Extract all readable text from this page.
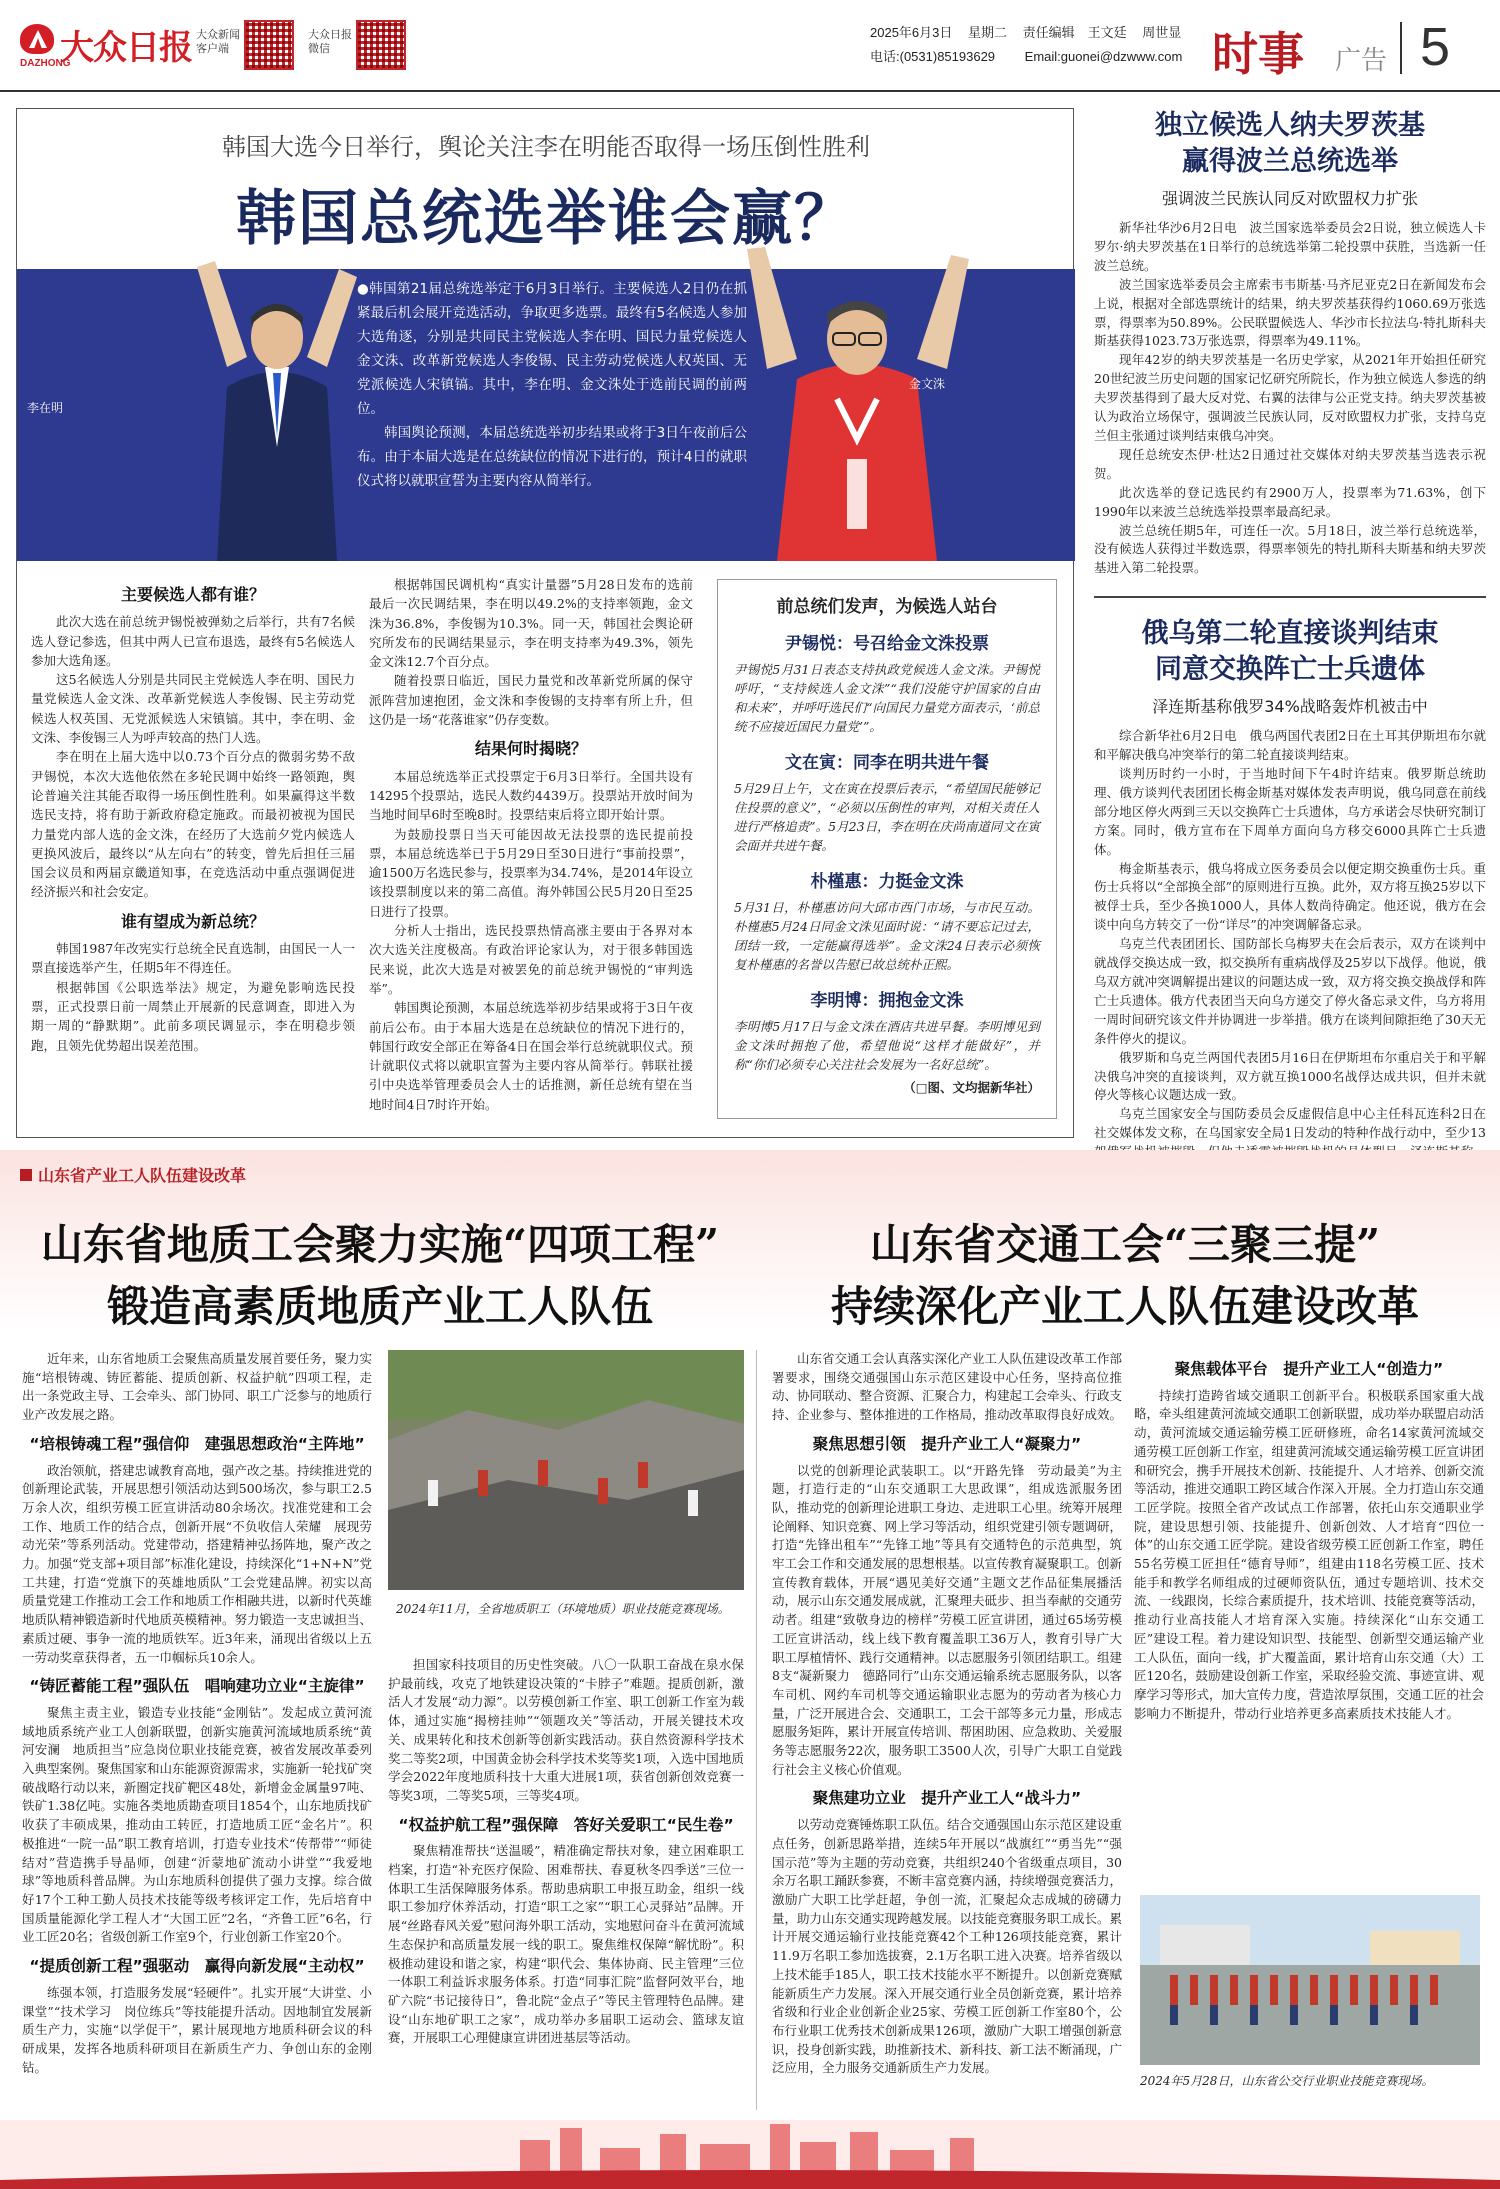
大众日报
DAZHONG
大众新闻客户端
大众日报微信
2025年6月3日 星期二 责任编辑　王文廷 周世显
电话:(0531)85193629 Email:guonei@dzwww.com 时事 广告 5
韩国大选今日举行，舆论关注李在明能否取得一场压倒性胜利
韩国总统选举谁会赢？
李在明
金文洙
●韩国第21届总统选举定于6月3日举行。主要候选人2日仍在抓紧最后机会展开竞选活动，争取更多选票。最终有5名候选人参加大选角逐，分别是共同民主党候选人李在明、国民力量党候选人金文洙、改革新党候选人李俊锡、民主劳动党候选人权英国、无党派候选人宋镇镐。其中，李在明、金文洙处于选前民调的前两位。
韩国舆论预测，本届总统选举初步结果或将于3日午夜前后公布。由于本届大选是在总统缺位的情况下进行的，预计4日的就职仪式将以就职宣誓为主要内容从简举行。
主要候选人都有谁？

此次大选在前总统尹锡悦被弹劾之后举行，共有7名候选人登记参选，但其中两人已宣布退选，最终有5名候选人参加大选角逐。

这5名候选人分别是共同民主党候选人李在明、国民力量党候选人金文洙、改革新党候选人李俊锡、民主劳动党候选人权英国、无党派候选人宋镇镐。其中，李在明、金文洙、李俊锡三人为呼声较高的热门人选。

李在明在上届大选中以0.73个百分点的微弱劣势不敌尹锡悦，本次大选他依然在多轮民调中始终一路领跑，舆论普遍关注其能否取得一场压倒性胜利。如果赢得这半数选民支持，将有助于新政府稳定施政。而最初被视为国民力量党内部人选的金文洙，在经历了大选前夕党内候选人更换风波后，最终以“从左向右”的转变，曾先后担任三届国会议员和两届京畿道知事，在竞选活动中重点强调促进经济振兴和社会安定。

谁有望成为新总统？

韩国1987年改宪实行总统全民直选制，由国民一人一票直接选举产生，任期5年不得连任。

根据韩国《公职选举法》规定，为避免影响选民投票，正式投票日前一周禁止开展新的民意调查，即进入为期一周的“静默期”。此前多项民调显示，李在明稳步领跑，且领先优势超出误差范围。

根据韩国民调机构“真实计量器”5月28日发布的选前最后一次民调结果，李在明以49.2%的支持率领跑，金文洙为36.8%，李俊锡为10.3%。同一天，韩国社会舆论研究所发布的民调结果显示，李在明支持率为49.3%，领先金文洙12.7个百分点。

随着投票日临近，国民力量党和改革新党所属的保守派阵营加速抱团，金文洙和李俊锡的支持率有所上升，但这仍是一场“花落谁家”仍存变数。

结果何时揭晓？

本届总统选举正式投票定于6月3日举行。全国共设有14295个投票站，选民人数约4439万。投票站开放时间为当地时间早6时至晚8时。投票结束后将立即开始计票。

为鼓励投票日当天可能因故无法投票的选民提前投票，本届总统选举已于5月29日至30日进行“事前投票”，逾1500万名选民参与，投票率为34.74%，是2014年设立该投票制度以来的第二高值。海外韩国公民5月20日至25日进行了投票。

分析人士指出，选民投票热情高涨主要由于各界对本次大选关注度极高。有政治评论家认为，对于很多韩国选民来说，此次大选是对被罢免的前总统尹锡悦的“审判选举”。

韩国舆论预测，本届总统选举初步结果或将于3日午夜前后公布。由于本届大选是在总统缺位的情况下进行的，韩国行政安全部正在筹备4日在国会举行总统就职仪式。预计就职仪式将以就职宣誓为主要内容从简举行。韩联社援引中央选举管理委员会人士的话推测，新任总统有望在当地时间4日7时许开始。

前总统们发声，为候选人站台
尹锡悦：号召给金文洙投票
尹锡悦5月31日表态支持执政党候选人金文洙。尹锡悦呼吁，“支持候选人金文洙”“我们没能守护国家的自由和未来”，并呼吁选民们“向国民力量党方面表示，‘前总统不应接近国民力量党’”。
文在寅：同李在明共进午餐
5月29日上午，文在寅在投票后表示，“希望国民能够记住投票的意义”，“必须以压倒性的审判，对相关责任人进行严格追责”。5月23日，李在明在庆尚南道同文在寅会面并共进午餐。
朴槿惠：力挺金文洙
5月31日，朴槿惠访问大邱市西门市场，与市民互动。朴槿惠5月24日同金文洙见面时说：“请不要忘记过去，团结一致，一定能赢得选举”。金文洙24日表示必须恢复朴槿惠的名誉以告慰已故总统朴正熙。
李明博：拥抱金文洙
李明博5月17日与金文洙在酒店共进早餐。李明博见到金文洙时拥抱了他，希望他说“这样才能做好”，并称“你们必须专心关注社会发展为一名好总统”。
（□图、文均据新华社）
独立候选人纳夫罗茨基
赢得波兰总统选举
强调波兰民族认同反对欧盟权力扩张

新华社华沙6月2日电　波兰国家选举委员会2日说，独立候选人卡罗尔·纳夫罗茨基在1日举行的总统选举第二轮投票中获胜，当选新一任波兰总统。

波兰国家选举委员会主席索韦韦斯基·马齐尼亚克2日在新闻发布会上说，根据对全部选票统计的结果，纳夫罗茨基获得约1060.69万张选票，得票率为50.89%。公民联盟候选人、华沙市长拉法乌·特扎斯科夫斯基获得1023.73万张选票，得票率为49.11%。

现年42岁的纳夫罗茨基是一名历史学家，从2021年开始担任研究20世纪波兰历史问题的国家记忆研究所院长，作为独立候选人参选的纳夫罗茨基得到了最大反对党、右翼的法律与公正党支持。纳夫罗茨基被认为政治立场保守，强调波兰民族认同，反对欧盟权力扩张，支持乌克兰但主张通过谈判结束俄乌冲突。

现任总统安杰伊·杜达2日通过社交媒体对纳夫罗茨基当选表示祝贺。

此次选举的登记选民约有2900万人，投票率为71.63%，创下1990年以来波兰总统选举投票率最高纪录。

波兰总统任期5年，可连任一次。5月18日，波兰举行总统选举，没有候选人获得过半数选票，得票率领先的特扎斯科夫斯基和纳夫罗茨基进入第二轮投票。

俄乌第二轮直接谈判结束
同意交换阵亡士兵遗体
泽连斯基称俄罗34%战略轰炸机被击中

综合新华社6月2日电　俄乌两国代表团2日在土耳其伊斯坦布尔就和平解决俄乌冲突举行的第二轮直接谈判结束。

谈判历时约一小时，于当地时间下午4时许结束。俄罗斯总统助理、俄方谈判代表团团长梅金斯基对媒体发表声明说，俄乌同意在前线部分地区停火两到三天以交换阵亡士兵遗体，乌方承诺会尽快研究制订方案。同时，俄方宣布在下周单方面向乌方移交6000具阵亡士兵遗体。

梅金斯基表示，俄乌将成立医务委员会以便定期交换重伤士兵。重伤士兵将以“全部换全部”的原则进行互换。此外，双方将互换25岁以下被俘士兵，至少各换1000人，具体人数尚待确定。他还说，俄方在会谈中向乌方转交了一份“详尽”的冲突调解备忘录。

乌克兰代表团团长、国防部长乌梅罗夫在会后表示，双方在谈判中就战俘交换达成一致，拟交换所有重病战俘及25岁以下战俘。他说，俄乌双方就冲突调解提出建议的问题达成一致，双方将交换交换战俘和阵亡士兵遗体。俄方代表团当天向乌方递交了停火备忘录文件，乌方将用一周时间研究该文件并协调进一步举措。俄方在谈判间隙拒绝了30天无条件停火的提议。

俄罗斯和乌克兰两国代表团5月16日在伊斯坦布尔重启关于和平解决俄乌冲突的直接谈判，双方就互换1000名战俘达成共识，但并未就停火等核心议题达成一致。

乌克兰国家安全与国防委员会反虚假信息中心主任科瓦连科2日在社交媒体发文称，在乌国家安全局1日发动的特种作战行动中，至少13

山东省产业工人队伍建设改革
山东省地质工会聚力实施“四项工程”
锻造高素质地质产业工人队伍
山东省交通工会“三聚三提”
持续深化产业工人队伍建设改革

近年来，山东省地质工会聚焦高质量发展首要任务，聚力实施“培根铸魂、铸匠蓄能、提质创新、权益护航”四项工程，走出一条党政主导、工会牵头、部门协同、职工广泛参与的地质行业产改发展之路。

“培根铸魂工程”强信仰　建强思想政治“主阵地”

政治领航，搭建忠诚教育高地，强产改之基。持续推进党的创新理论武装，开展思想引领活动达到500场次，参与职工2.5万余人次，组织劳模工匠宣讲活动80余场次。找准党建和工会工作、地质工作的结合点，创新开展“不负收信人荣耀　展现劳动光荣”等系列活动。党建带动，搭建精神弘扬阵地，聚产改之力。加强“党支部+项目部”标准化建设，持续深化“1+N+N”党工共建，打造“党旗下的英雄地质队”工会党建品牌。初实以高质量党建工作推动工会工作和地质工作相融共进，以新时代英雄地质队精神锻造新时代地质英模精神。努力锻造一支忠诚担当、素质过硬、事争一流的地质铁军。近3年来，涌现出省级以上五一劳动奖章获得者，五一巾帼标兵10余人。

“铸匠蓄能工程”强队伍　唱响建功立业“主旋律”

聚焦主责主业，锻造专业技能“金刚钻”。发起成立黄河流域地质系统产业工人创新联盟，创新实施黄河流域地质系统“黄河安澜　地质担当”应急岗位职业技能竞赛，被省发展改革委列入典型案例。聚焦国家和山东能源资源需求，实施新一轮找矿突破战略行动以来，新圈定找矿靶区48处，新增金金属量97吨、铁矿1.38亿吨。实施各类地质勘查项目1854个，山东地质找矿收获了丰硕成果，推动由工转匠，打造地质工匠“金名片”。积极推进“一院一品”职工教育培训，打造专业技术“传帮带”“师徒结对”营造携手导晶师，创建“沂蒙地矿流动小讲堂”“我爱地球”等地质科普品牌。为山东地质科创提供了强力支撑。综合做好17个工种工勤人员技术技能等级考核评定工作，先后培育中国质量能源化学工程人才“大国工匠”2名，“齐鲁工匠”6名，行业工匠20名；省级创新工作室9个，行业创新工作室20个。

“提质创新工程”强驱动　赢得向新发展“主动权”

练强本领，打造服务发展“轻硬件”。扎实开展“大讲堂、小课堂”“技术学习　岗位练兵”等技能提升活动。因地制宜发展新质生产力，实施“以学促干”，累计展现地方地质科研会议的科研成果，发挥各地质科研项目在新质生产力、争创山东的金刚钻。

2024年11月，全省地质职工（环境地质）职业技能竞赛现场。

担国家科技项目的历史性突破。八〇一队职工奋战在泉水保护最前线，攻克了地铁建设决策的“卡脖子”难题。提质创新，激活人才发展“动力源”。以劳模创新工作室、职工创新工作室为载体，通过实施“揭榜挂帅”“领题攻关”等活动，开展关键技术攻关、成果转化和技术创新等创新实践活动。获自然资源科学技术奖二等奖2项，中国黄金协会科学技术奖等奖1项，入选中国地质学会2022年度地质科技十大重大进展1项，获省创新创效竞赛一等奖3项，二等奖5项，三等奖4项。

“权益护航工程”强保障　答好关爱职工“民生卷”

聚焦精准帮扶“送温暖”，精准确定帮扶对象，建立困难职工档案，打造“补充医疗保险、困难帮扶、春夏秋冬四季送”三位一体职工生活保障服务体系。帮助患病职工申报互助金，组织一线职工参加疗休养活动，打造“职工之家”“职工心灵驿站”品牌。开展“丝路春风关爱”慰问海外职工活动，实地慰问奋斗在黄河流域生态保护和高质量发展一线的职工。聚焦维权保障“解忧盼”。积极推动建设和谐之家，构建“职代会、集体协商、民主管理”三位一体职工利益诉求服务体系。打造“同事汇院”监督阿效平台，地矿六院“书记接待日”，鲁北院“金点子”等民主管理特色品牌。建设“山东地矿职工之家”，成功举办多届职工运动会、篮球友谊赛，开展职工心理健康宣讲团进基层等活动。

山东省交通工会认真落实深化产业工人队伍建设改革工作部署要求，围绕交通强国山东示范区建设中心任务，坚持高位推动、协同联动、整合资源、汇聚合力，构建起工会牵头、行政支持、企业参与、整体推进的工作格局，推动改革取得良好成效。

聚焦思想引领　提升产业工人“凝聚力”

以党的创新理论武装职工。以“开路先锋　劳动最美”为主题，打造行走的“山东交通职工大思政课”，组成选派服务团队，推动党的创新理论进职工身边、走进职工心里。统筹开展理论阐释、知识竞赛、网上学习等活动，组织党建引领专题调研，打造“先锋出租车”“先锋工地”等具有交通特色的示范典型，筑牢工会工作和交通发展的思想根基。以宣传教育凝聚职工。创新宣传教育载体，开展“遇见美好交通”主题文艺作品征集展播活动，展示山东交通发展成就，汇聚理夫砥步、担当奉献的交通劳动者。组建“致敬身边的榜样”劳模工匠宣讲团，通过65场劳模工匠宣讲活动，线上线下教育覆盖职工36万人，教育引导广大职工厚植情怀、践行交通精神。以志愿服务引领团结职工。组建8支“凝新聚力　德路同行”山东交通运输系统志愿服务队，以客车司机、网约车司机等交通运输职业志愿为的劳动者为核心力量，广泛开展进合会、交通职工，工会干部等多元力量，形成志愿服务矩阵，累计开展宣传培训、帮困助困、应急救助、关爱服务等志愿服务22次，服务职工3500人次，引导广大职工自觉践行社会主义核心价值观。

聚焦建功立业　提升产业工人“战斗力”

以劳动竞赛锤炼职工队伍。结合交通强国山东示范区建设重点任务，创新思路举措，连续5年开展以“战旗红”“勇当先”“强国示范”等为主题的劳动竞赛，共组织240个省级重点项目，30余万名职工踊跃参赛，不断丰富竞赛内涵，持续增强竞赛活力，激励广大职工比学赶超，争创一流，汇聚起众志成城的磅礴力量，助力山东交通实现跨越发展。以技能竞赛服务职工成长。累计开展交通运输行业技能竞赛42个工种126项技能竞赛，累计11.9万名职工参加选拔赛，2.1万名职工进入决赛。培养省级以上技术能手185人，职工技术技能水平不断提升。以创新竞赛赋能新质生产力发展。深入开展交通行业全员创新竞赛，累计培养省级和行业企业创新企业25家、劳模工匠创新工作室80个，公布行业职工优秀技术创新成果126项，激励广大职工增强创新意识，投身创新实践，助推新技术、新科技、新工法不断涌现，广泛应用，全力服务交通新质生产力发展。

聚焦载体平台　提升产业工人“创造力”

持续打造跨省域交通职工创新平台。积极联系国家重大战略，牵头组建黄河流域交通职工创新联盟，成功举办联盟启动活动，黄河流域交通运输劳模工匠研修班，命名14家黄河流域交通劳模工匠创新工作室，组建黄河流域交通运输劳模工匠宣讲团和研究会，携手开展技术创新、技能提升、人才培养、创新交流等活动，推进交通职工跨区域合作深入开展。全力打造山东交通工匠学院。按照全省产改试点工作部署，依托山东交通职业学院，建设思想引领、技能提升、创新创效、人才培育“四位一体”的山东交通工匠学院。建设省级劳模工匠创新工作室，聘任55名劳模工匠担任“德育导师”，组建由118名劳模工匠、技术能手和教学名师组成的过硬师资队伍，通过专题培训、技术交流、一线跟岗，长综合素质提升，技术培训、技能竞赛等活动，推动行业高技能人才培育深入实施。持续深化“山东交通工匠”建设工程。着力建设知识型、技能型、创新型交通运输产业工人队伍，面向一线，扩大覆盖面，累计培育山东交通（大）工匠120名，鼓励建设创新工作室，采取经验交流、事迹宣讲、观摩学习等形式，加大宣传力度，营造浓厚氛围，交通工匠的社会影响力不断提升，带动行业培养更多高素质技术技能人才。

2024年5月28日，山东省公交行业职业技能竞赛现场。
